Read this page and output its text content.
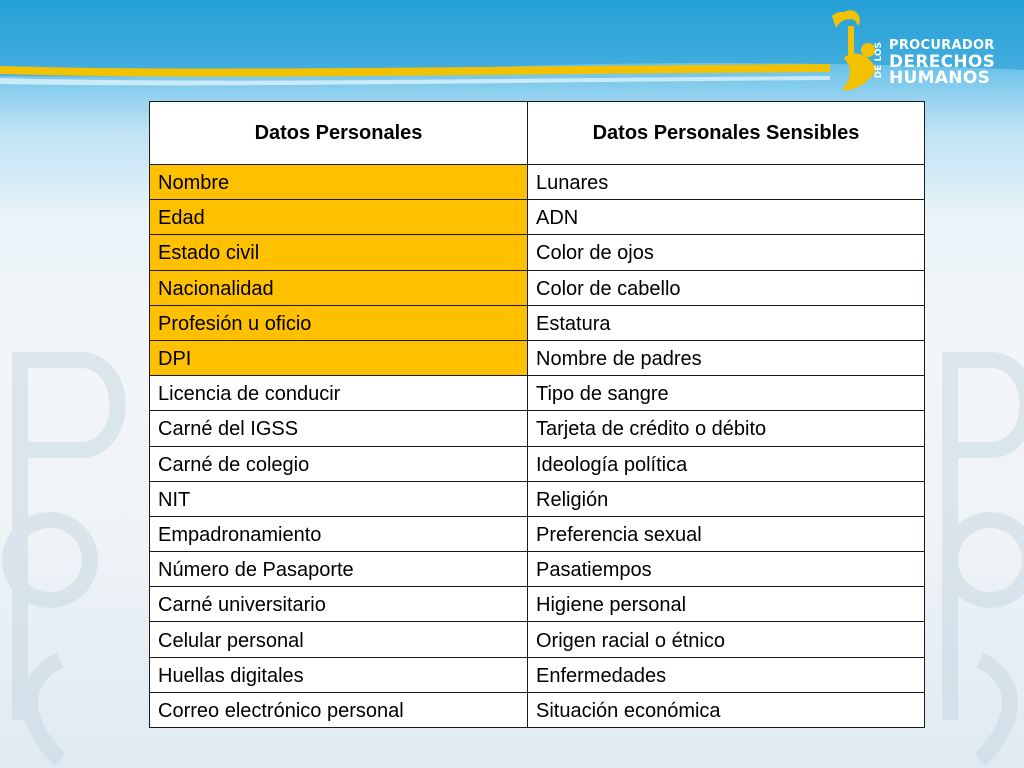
DE LOS PROCURADOR
DERECHOS
HUMANOS
Datos Personales	Datos Personales Sensibles
Nombre	Lunares
Edad	ADN
Estado civil	Color de ojos
Nacionalidad	Color de cabello
Profesión u oficio	Estatura
DPI	Nombre de padres
Licencia de conducir	Tipo de sangre
Carné del IGSS	Tarjeta de crédito o débito
Carné de colegio	Ideología política
NIT	Religión
Empadronamiento	Preferencia sexual
Número de Pasaporte	Pasatiempos
Carné universitario	Higiene personal
Celular personal	Origen racial o étnico
Huellas digitales	Enfermedades
Correo electrónico personal	Situación económica
